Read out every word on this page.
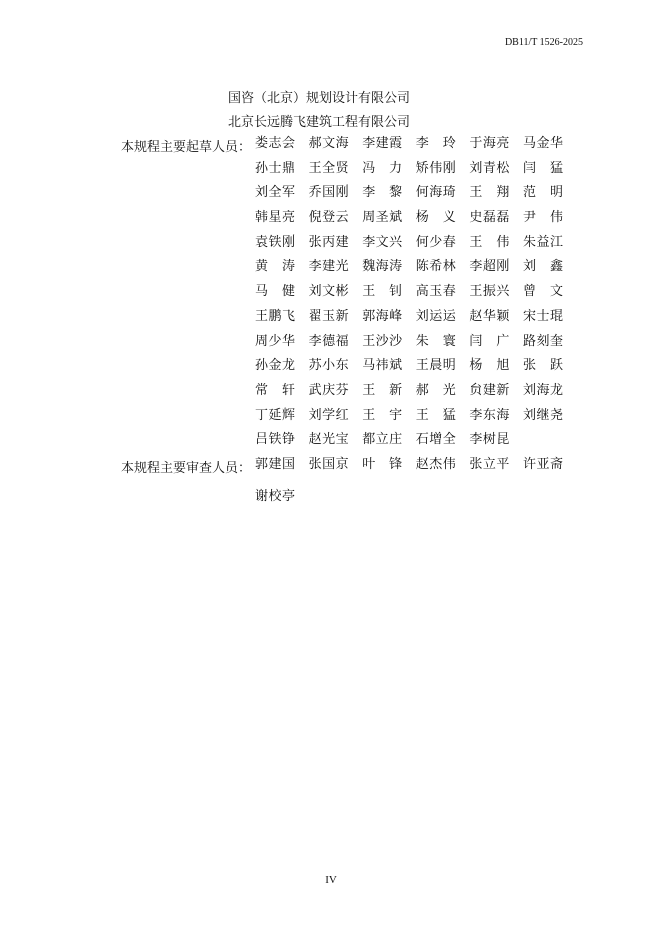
DB11/T 1526-2025
国咨（北京）规划设计有限公司
北京长远腾飞建筑工程有限公司
本规程主要起草人员： 娄志会 郝文海 李建霞 李　玲 于海亮 马金华
孙士鼎 王全贤 冯　力 矫伟刚 刘青松 闫　猛
刘全军 乔国刚 李　黎 何海琦 王　翔 范　明
韩星亮 倪登云 周圣斌 杨　义 史磊磊 尹　伟
袁铁刚 张丙建 李文兴 何少春 王　伟 朱益江
黄　涛 李建光 魏海涛 陈希林 李超刚 刘　鑫
马　健 刘文彬 王　钊 高玉春 王振兴 曾　文
王鹏飞 翟玉新 郭海峰 刘运运 赵华颖 宋士琨
周少华 李德福 王沙沙 朱　寰 闫　广 路刻奎
孙金龙 苏小东 马祎斌 王晨明 杨　旭 张　跃
常　轩 武庆芬 王　新 郝　光 贠建新 刘海龙
丁延辉 刘学红 王　宇 王　猛 李东海 刘继尧
吕铁铮 赵光宝 都立庄 石增全 李树昆
本规程主要审查人员： 郭建国 张国京 叶　锋 赵杰伟 张立平 许亚斋
谢校亭
IV
